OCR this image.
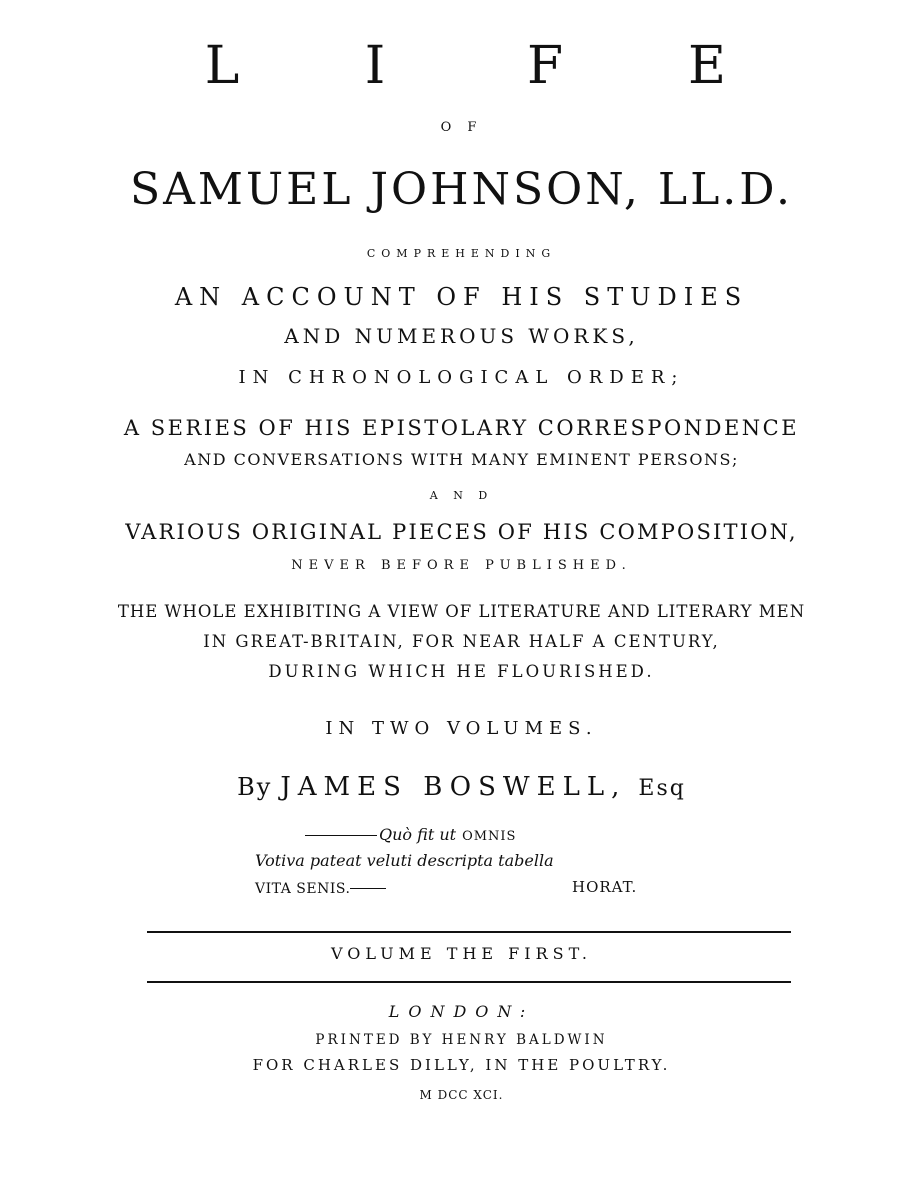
L I	F E
O F
SAMUEL JOHNSON, LL.D.
COMPREHENDING
AN ACCOUNT OF HIS STUDIES
AND NUMEROUS WORKS,
IN CHRONOLOGICAL ORDER;
A SERIES OF HIS EPISTOLARY CORRESPONDENCE
AND CONVERSATIONS WITH MANY EMINENT PERSONS;
A N D
VARIOUS ORIGINAL PIECES OF HIS COMPOSITION,
NEVER BEFORE PUBLISHED.
THE WHOLE EXHIBITING A VIEW OF LITERATURE AND LITERARY MEN
IN GREAT-BRITAIN, FOR NEAR HALF A CENTURY,
DURING WHICH HE FLOURISHED.
IN TWO VOLUMES.
By JAMES BOSWELL, Esq
Quò fit ut OMNIS
Votiva pateat veluti descripta tabella
VITA SENIS.	HORAT.
VOLUME THE FIRST.
LONDON:
PRINTED BY HENRY BALDWIN
FOR CHARLES DILLY, IN THE POULTRY.
M DCC XCI.
